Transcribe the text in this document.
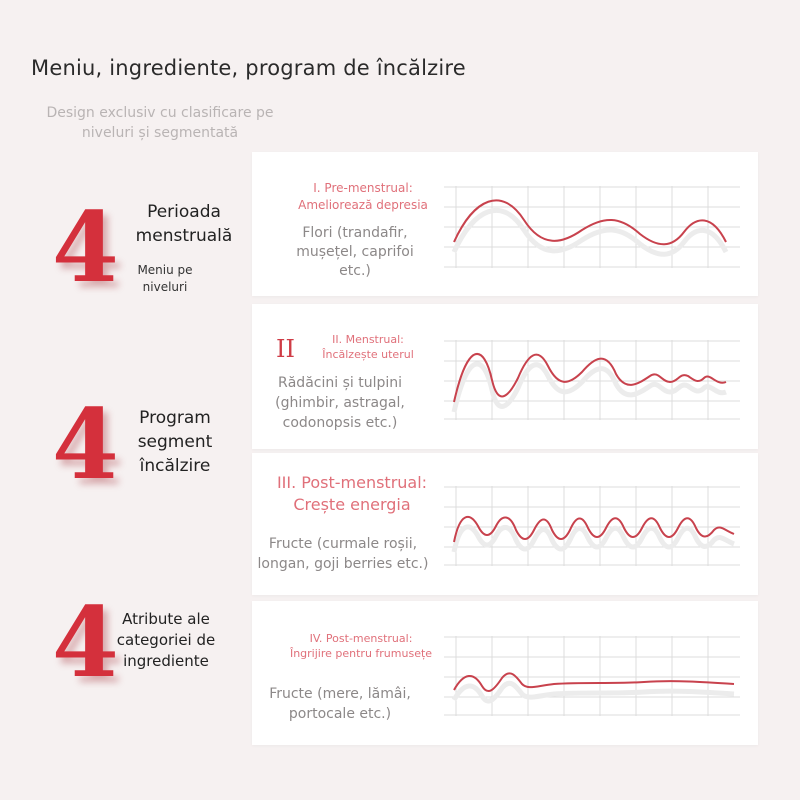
Meniu, ingrediente, program de încălzire
Design exclusiv cu clasificare pe niveluri și segmentată
4	Perioada
menstruală
Meniu pe
niveluri
4	Program
segment
încălzire
4 Atribute ale
categoriei de
ingrediente
I. Pre-menstrual:
Ameliorează depresia
Flori (trandafir,
mușețel, caprifoi
etc.)
II	II. Menstrual:
Încălzește uterul
Rădăcini și tulpini
(ghimbir, astragal,
codonopsis etc.)
III. Post-menstrual:
Crește energia
Fructe (curmale roșii,
longan, goji berries etc.)
IV. Post-menstrual:
Îngrijire pentru frumusețe
Fructe (mere, lămâi,
portocale etc.)
